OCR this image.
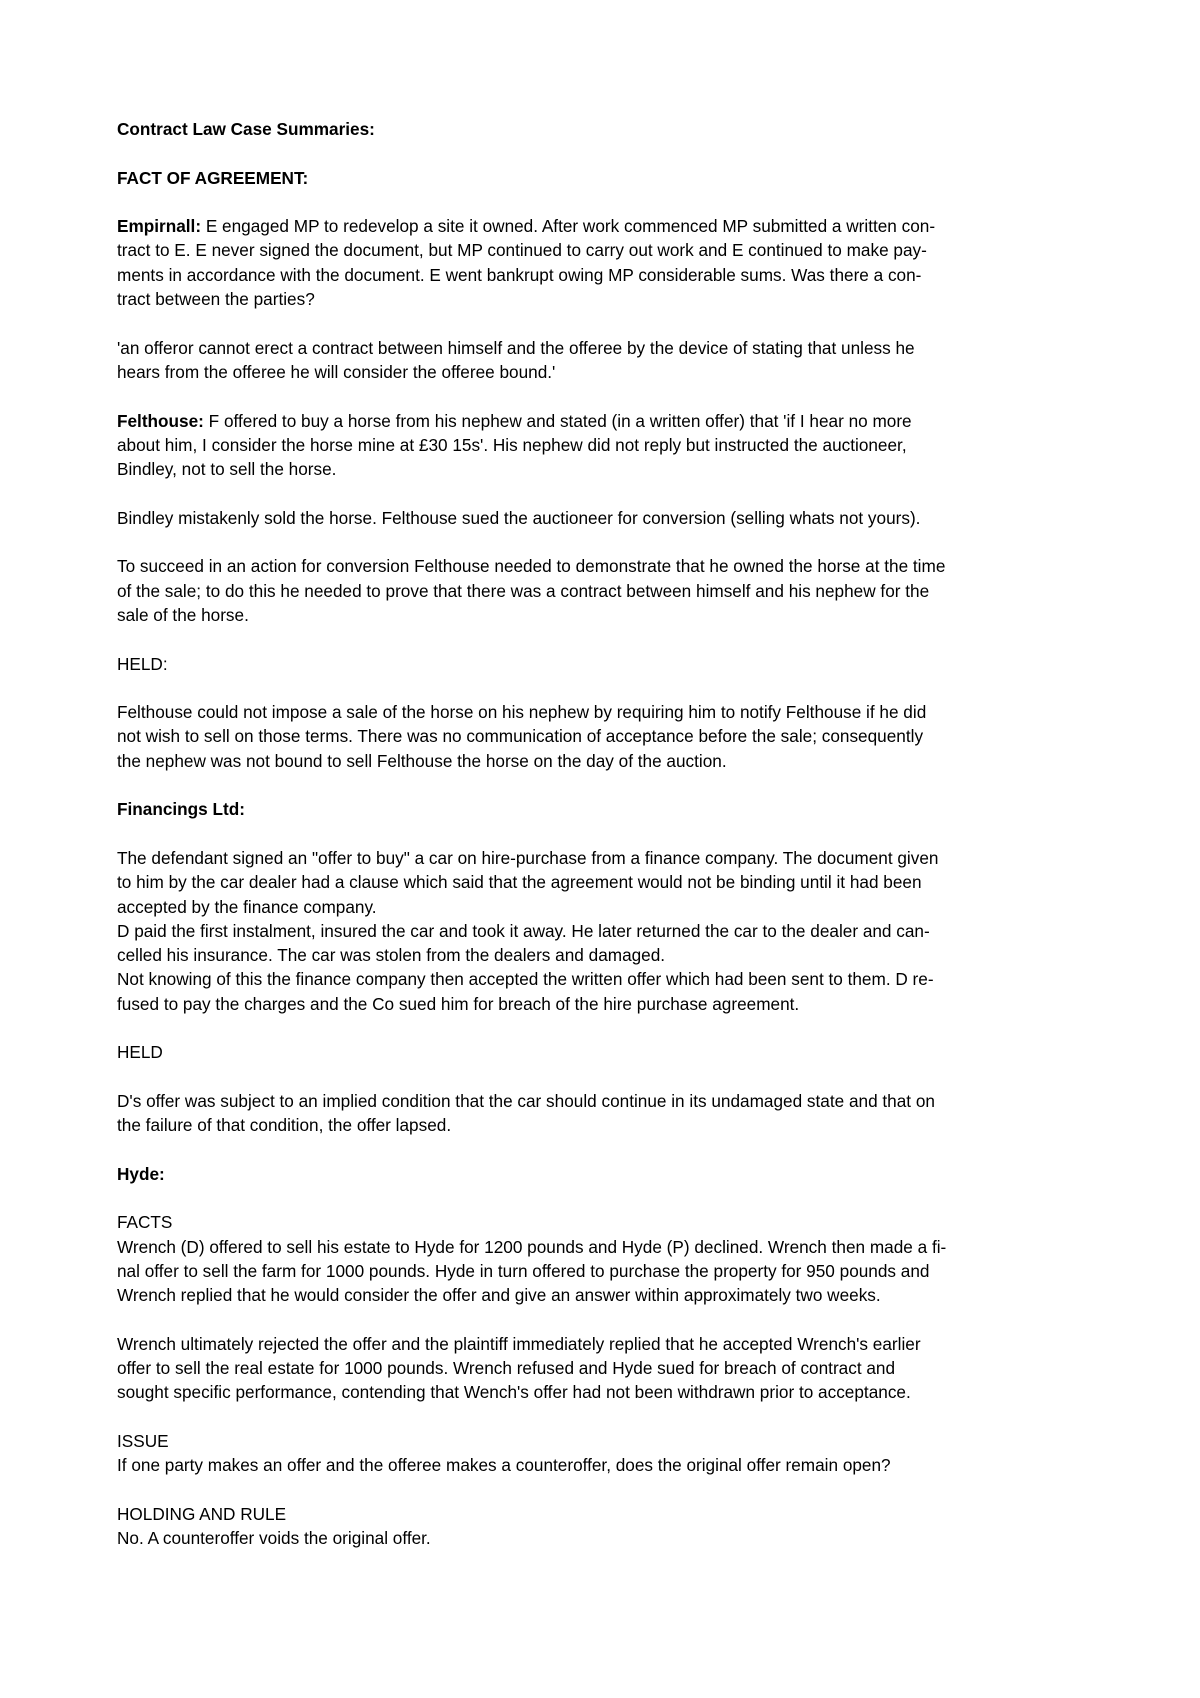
Contract Law Case Summaries:
FACT OF AGREEMENT:
Empirnall: E engaged MP to redevelop a site it owned. After work commenced MP submitted a written con-
tract to E. E never signed the document, but MP continued to carry out work and E continued to make pay-
ments in accordance with the document. E went bankrupt owing MP considerable sums. Was there a con-
tract between the parties?
'an offeror cannot erect a contract between himself and the offeree by the device of stating that unless he
hears from the offeree he will consider the offeree bound.'
Felthouse: F offered to buy a horse from his nephew and stated (in a written offer) that 'if I hear no more
about him, I consider the horse mine at £30 15s'. His nephew did not reply but instructed the auctioneer,
Bindley, not to sell the horse.
Bindley mistakenly sold the horse. Felthouse sued the auctioneer for conversion (selling whats not yours).
To succeed in an action for conversion Felthouse needed to demonstrate that he owned the horse at the time
of the sale; to do this he needed to prove that there was a contract between himself and his nephew for the
sale of the horse.
HELD:
Felthouse could not impose a sale of the horse on his nephew by requiring him to notify Felthouse if he did
not wish to sell on those terms. There was no communication of acceptance before the sale; consequently
the nephew was not bound to sell Felthouse the horse on the day of the auction.
Financings Ltd:
The defendant signed an "offer to buy" a car on hire-purchase from a finance company. The document given
to him by the car dealer had a clause which said that the agreement would not be binding until it had been
accepted by the finance company.
D paid the first instalment, insured the car and took it away. He later returned the car to the dealer and can-
celled his insurance. The car was stolen from the dealers and damaged.
Not knowing of this the finance company then accepted the written offer which had been sent to them. D re-
fused to pay the charges and the Co sued him for breach of the hire purchase agreement.
HELD
D's offer was subject to an implied condition that the car should continue in its undamaged state and that on
the failure of that condition, the offer lapsed.
Hyde:
FACTS
Wrench (D) offered to sell his estate to Hyde for 1200 pounds and Hyde (P) declined. Wrench then made a fi-
nal offer to sell the farm for 1000 pounds. Hyde in turn offered to purchase the property for 950 pounds and
Wrench replied that he would consider the offer and give an answer within approximately two weeks.
Wrench ultimately rejected the offer and the plaintiff immediately replied that he accepted Wrench's earlier
offer to sell the real estate for 1000 pounds. Wrench refused and Hyde sued for breach of contract and
sought specific performance, contending that Wench's offer had not been withdrawn prior to acceptance.
ISSUE
If one party makes an offer and the offeree makes a counteroffer, does the original offer remain open?
HOLDING AND RULE
No. A counteroffer voids the original offer.
